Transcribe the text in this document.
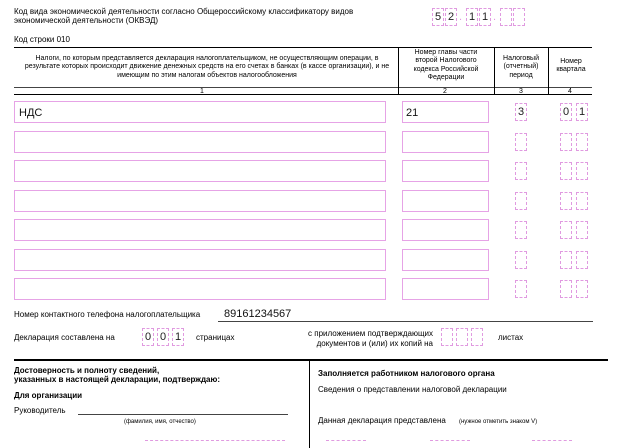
Код вида экономической деятельности согласно Общероссийскому классификатору видов
экономической деятельности (ОКВЭД)	5 2 . 1 1 .
Код строки 010
Налоги, по которым представляется декларация налогоплательщиком, не осуществляющим операции, в результате которых происходит движение денежных средств на его счетах в банках (в кассе организации), и не имеющим по этим налогам объектов налогообложения
Номер главы части второй Налогового кодекса Российской Федерации
Налоговый (отчетный) период
Номер квартала
1	2	3	4
НДС	21	3	0 1
Номер контактного телефона налогоплательщика 89161234567
Декларация составлена на	0 0 1	страницах	с приложением подтверждающих
документов и (или) их копий на
листах
Достоверность и полноту сведений,
указанных в настоящей декларации, подтверждаю:
Для организации
Руководитель
(фамилия, имя, отчество)
Заполняется работником налогового органа
Сведения о представлении налоговой декларации
Данная декларация представлена (нужное отметить знаком V)
